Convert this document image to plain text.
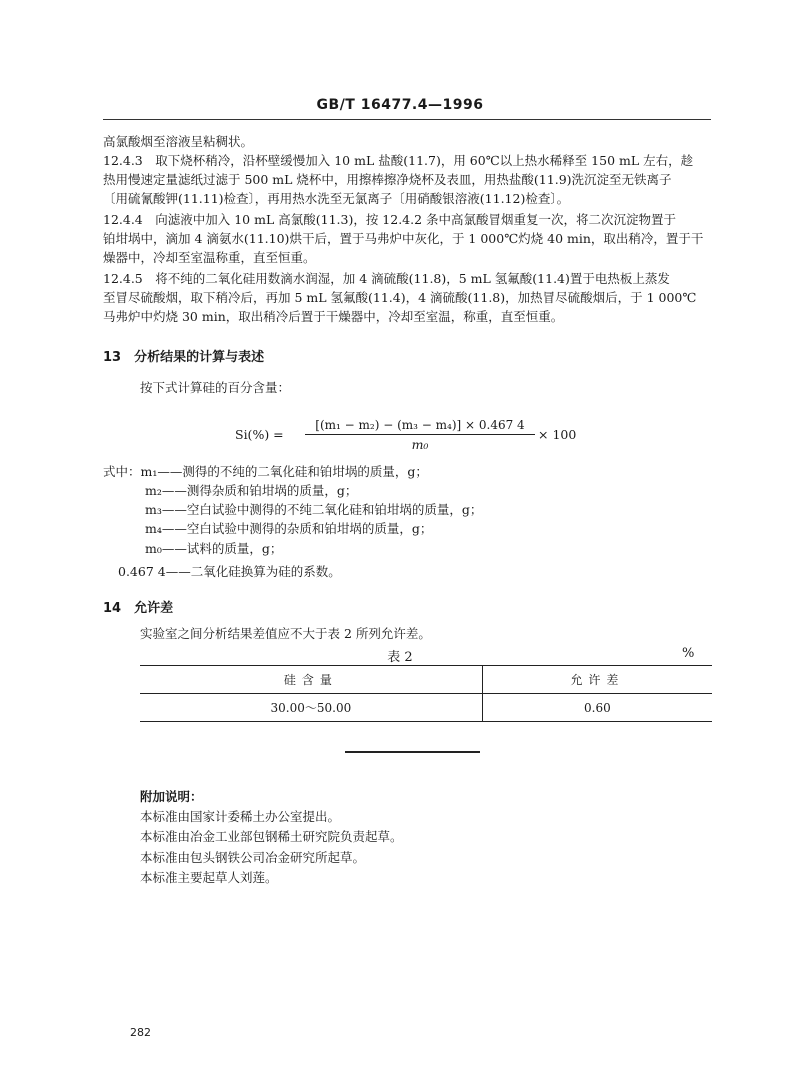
GB/T 16477.4—1996
高氯酸烟至溶液呈粘稠状。
12.4.3　取下烧杯稍冷，沿杯壁缓慢加入 10 mL 盐酸(11.7)，用 60℃以上热水稀释至 150 mL 左右，趁
热用慢速定量滤纸过滤于 500 mL 烧杯中，用擦棒擦净烧杯及表皿，用热盐酸(11.9)洗沉淀至无铁离子
〔用硫氰酸钾(11.11)检查〕，再用热水洗至无氯离子〔用硝酸银溶液(11.12)检查〕。
12.4.4　向滤液中加入 10 mL 高氯酸(11.3)，按 12.4.2 条中高氯酸冒烟重复一次，将二次沉淀物置于
铂坩埚中，滴加 4 滴氨水(11.10)烘干后，置于马弗炉中灰化，于 1 000℃灼烧 40 min，取出稍冷，置于干
燥器中，冷却至室温称重，直至恒重。
12.4.5　将不纯的二氧化硅用数滴水润湿，加 4 滴硫酸(11.8)，5 mL 氢氟酸(11.4)置于电热板上蒸发
至冒尽硫酸烟，取下稍冷后，再加 5 mL 氢氟酸(11.4)，4 滴硫酸(11.8)，加热冒尽硫酸烟后，于 1 000℃
马弗炉中灼烧 30 min，取出稍冷后置于干燥器中，冷却至室温，称重，直至恒重。
13　分析结果的计算与表述
按下式计算硅的百分含量：
Si(%) =
[(m₁ − m₂) − (m₃ − m₄)] × 0.467 4
m₀
× 100
式中：m₁——测得的不纯的二氧化硅和铂坩埚的质量，g；
m₂——测得杂质和铂坩埚的质量，g；
m₃——空白试验中测得的不纯二氧化硅和铂坩埚的质量，g；
m₄——空白试验中测得的杂质和铂坩埚的质量，g；
m₀——试料的质量，g；
0.467 4——二氧化硅换算为硅的系数。
14　允许差
实验室之间分析结果差值应不大于表 2 所列允许差。
表 2	%
硅含量	允许差
30.00～50.00	0.60
附加说明：
本标准由国家计委稀土办公室提出。
本标准由冶金工业部包钢稀土研究院负责起草。
本标准由包头钢铁公司冶金研究所起草。
本标准主要起草人刘莲。
282
